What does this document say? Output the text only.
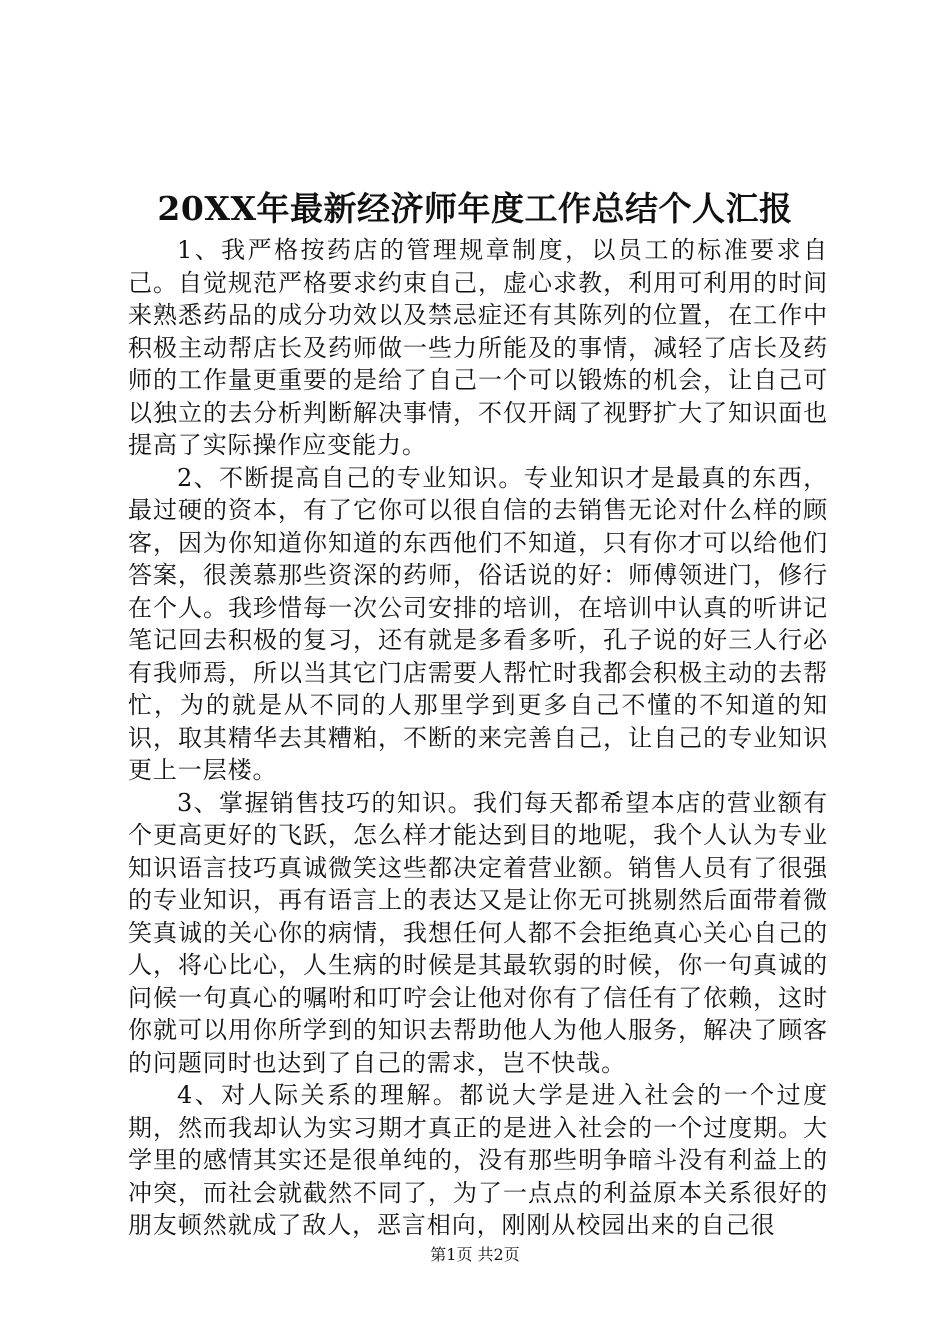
20XX年最新经济师年度工作总结个人汇报

1、我严格按药店的管理规章制度，以员工的标准要求自己。自觉规范严格要求约束自己，虚心求教，利用可利用的时间来熟悉药品的成分功效以及禁忌症还有其陈列的位置，在工作中积极主动帮店长及药师做一些力所能及的事情，减轻了店长及药师的工作量更重要的是给了自己一个可以锻炼的机会，让自己可以独立的去分析判断解决事情，不仅开阔了视野扩大了知识面也提高了实际操作应变能力。

2、不断提高自己的专业知识。专业知识才是最真的东西，最过硬的资本，有了它你可以很自信的去销售无论对什么样的顾客，因为你知道你知道的东西他们不知道，只有你才可以给他们答案，很羡慕那些资深的药师，俗话说的好：师傅领进门，修行在个人。我珍惜每一次公司安排的培训，在培训中认真的听讲记笔记回去积极的复习，还有就是多看多听，孔子说的好三人行必有我师焉，所以当其它门店需要人帮忙时我都会积极主动的去帮忙，为的就是从不同的人那里学到更多自己不懂的不知道的知识，取其精华去其糟粕，不断的来完善自己，让自己的专业知识更上一层楼。

3、掌握销售技巧的知识。我们每天都希望本店的营业额有个更高更好的飞跃，怎么样才能达到目的地呢，我个人认为专业知识语言技巧真诚微笑这些都决定着营业额。销售人员有了很强的专业知识，再有语言上的表达又是让你无可挑剔然后面带着微笑真诚的关心你的病情，我想任何人都不会拒绝真心关心自己的人，将心比心，人生病的时候是其最软弱的时候，你一句真诚的问候一句真心的嘱咐和叮咛会让他对你有了信任有了依赖，这时你就可以用你所学到的知识去帮助他人为他人服务，解决了顾客的问题同时也达到了自己的需求，岂不快哉。

4、对人际关系的理解。都说大学是进入社会的一个过度期，然而我却认为实习期才真正的是进入社会的一个过度期。大学里的感情其实还是很单纯的，没有那些明争暗斗没有利益上的冲突，而社会就截然不同了，为了一点点的利益原本关系很好的朋友顿然就成了敌人，恶言相向，刚刚从校园出来的自己很

第1页 共2页
